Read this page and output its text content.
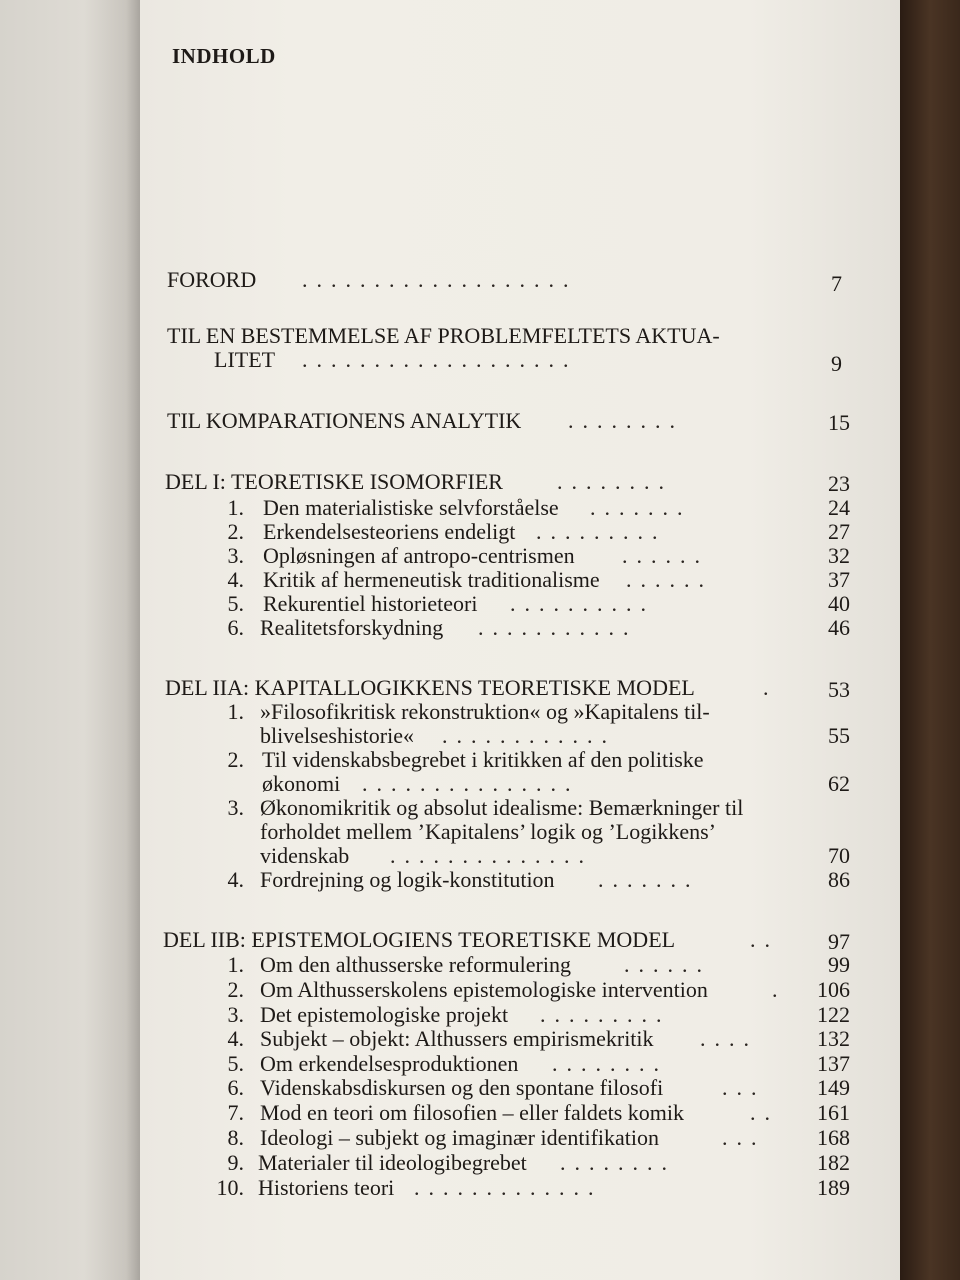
INDHOLD
FORORD ...................	7
TIL EN BESTEMMELSE AF PROBLEMFELTETS AKTUA-
LITET ...................	9
TIL KOMPARATIONENS ANALYTIK ........	15
DEL I: TEORETISKE ISOMORFIER ........	23
1. Den materialistiske selvforståelse .......	24
2. Erkendelsesteoriens endeligt .........	27
3. Opløsningen af antropo-centrismen ......	32
4. Kritik af hermeneutisk traditionalisme ......	37
5. Rekurentiel historieteori ..........	40
6. Realitetsforskydning ...........	46
DEL IIA: KAPITALLOGIKKENS TEORETISKE MODEL	. 53
1. »Filosofikritisk rekonstruktion« og »Kapitalens til-
blivelseshistorie« ............	55
2. Til videnskabsbegrebet i kritikken af den politiske
økonomi ...............	62
3. Økonomikritik og absolut idealisme: Bemærkninger til
forholdet mellem ’Kapitalens’ logik og ’Logikkens’
videnskab ..............	70
4. Fordrejning og logik-konstitution .......	86
DEL IIB: EPISTEMOLOGIENS TEORETISKE MODEL	.. 97
1. Om den althusserske reformulering ......	99
2. Om Althusserskolens epistemologiske intervention	. 106
3. Det epistemologiske projekt .........	122
4. Subjekt – objekt: Althussers empirismekritik ....	132
5. Om erkendelsesproduktionen ........	137
6. Videnskabsdiskursen og den spontane filosofi	... 149
7. Mod en teori om filosofien – eller faldets komik	.. 161
8. Ideologi – subjekt og imaginær identifikation	... 168
9. Materialer til ideologibegrebet ........	182
10. Historiens teori .............	189
